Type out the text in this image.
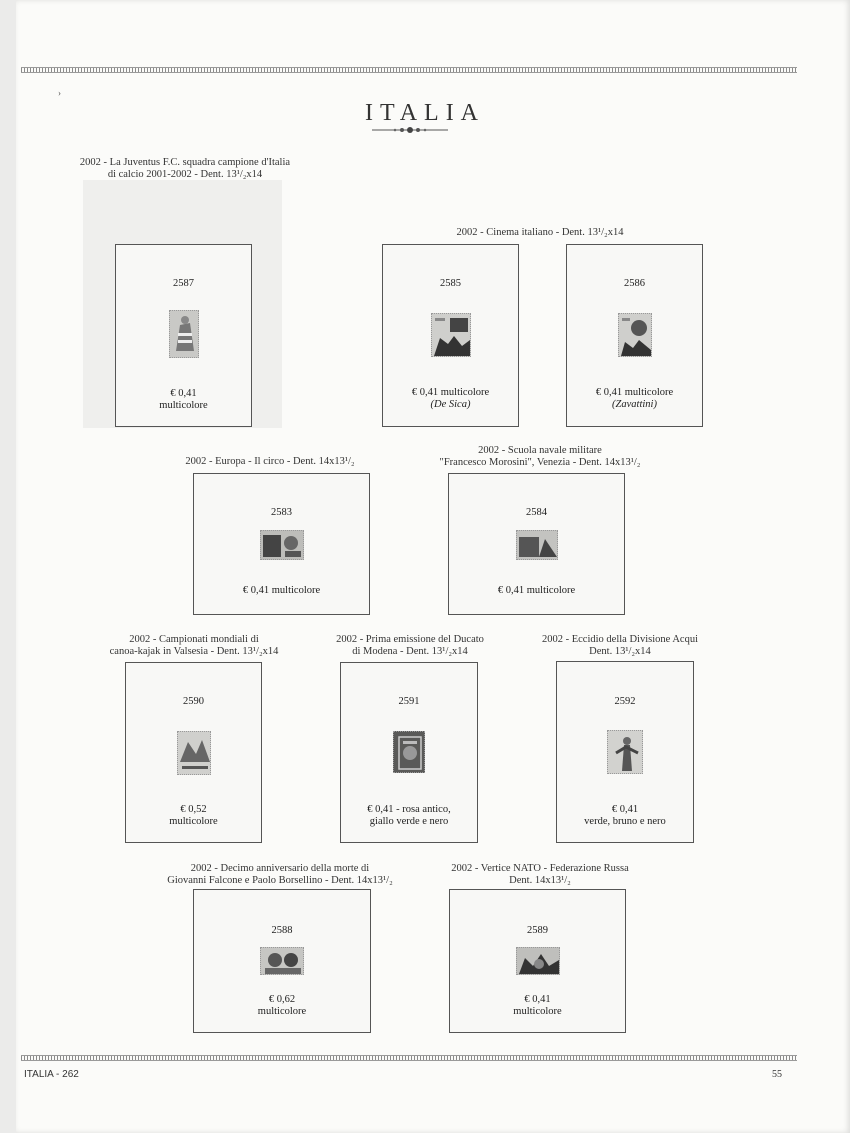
›
ITALIA
2002 - La Juventus F.C. squadra campione d'Italia
di calcio 2001-2002 - Dent. 13¹/₂x14
2587
€ 0,41
multicolore
2002 - Cinema italiano - Dent. 13¹/₂x14
2585
€ 0,41 multicolore
(De Sica)
2586
€ 0,41 multicolore
(Zavattini)
2002 - Europa - Il circo - Dent. 14x13¹/₂
2583
€ 0,41 multicolore
2002 - Scuola navale militare
"Francesco Morosini", Venezia - Dent. 14x13¹/₂
2584
€ 0,41 multicolore
2002 - Campionati mondiali di
canoa-kajak in Valsesia - Dent. 13¹/₂x14
2590
€ 0,52
multicolore
2002 - Prima emissione del Ducato
di Modena - Dent. 13¹/₂x14
2591
€ 0,41 - rosa antico,
giallo verde e nero
2002 - Eccidio della Divisione Acqui
Dent. 13¹/₂x14
2592
€ 0,41
verde, bruno e nero
2002 - Decimo anniversario della morte di
Giovanni Falcone e Paolo Borsellino - Dent. 14x13¹/₂
2588
€ 0,62
multicolore
2002 - Vertice NATO - Federazione Russa
Dent. 14x13¹/₂
2589
€ 0,41
multicolore
ITALIA - 262	55
